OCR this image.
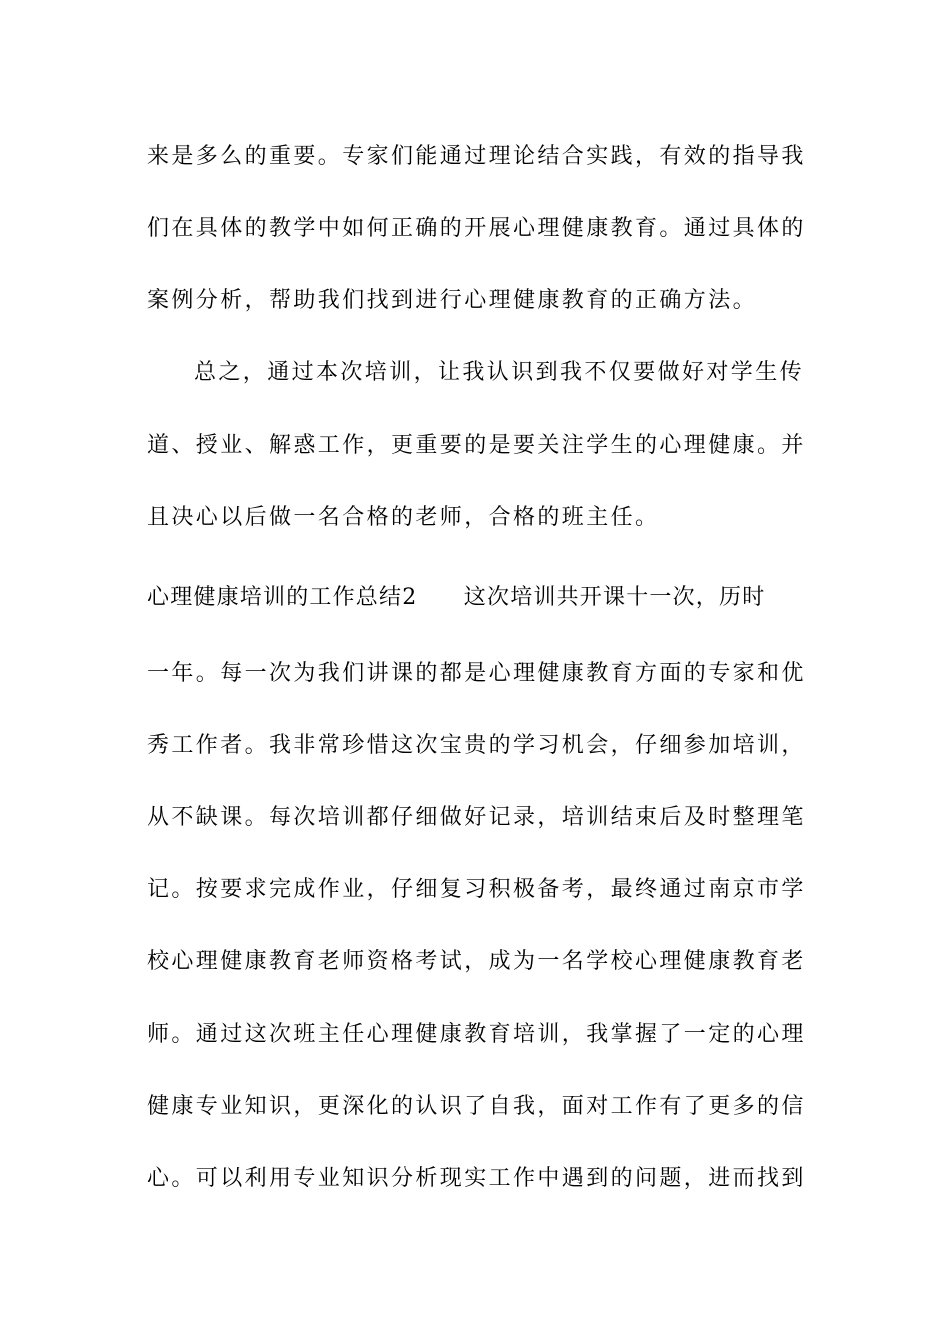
来是多么的重要。专家们能通过理论结合实践，有效的指导我
们在具体的教学中如何正确的开展心理健康教育。通过具体的
案例分析，帮助我们找到进行心理健康教育的正确方法。
总之，通过本次培训，让我认识到我不仅要做好对学生传
道、授业、解惑工作，更重要的是要关注学生的心理健康。并
且决心以后做一名合格的老师，合格的班主任。
心理健康培训的工作总结2　　这次培训共开课十一次，历时
一年。每一次为我们讲课的都是心理健康教育方面的专家和优
秀工作者。我非常珍惜这次宝贵的学习机会，仔细参加培训，
从不缺课。每次培训都仔细做好记录，培训结束后及时整理笔
记。按要求完成作业，仔细复习积极备考，最终通过南京市学
校心理健康教育老师资格考试，成为一名学校心理健康教育老
师。通过这次班主任心理健康教育培训，我掌握了一定的心理
健康专业知识，更深化的认识了自我，面对工作有了更多的信
心。可以利用专业知识分析现实工作中遇到的问题，进而找到
